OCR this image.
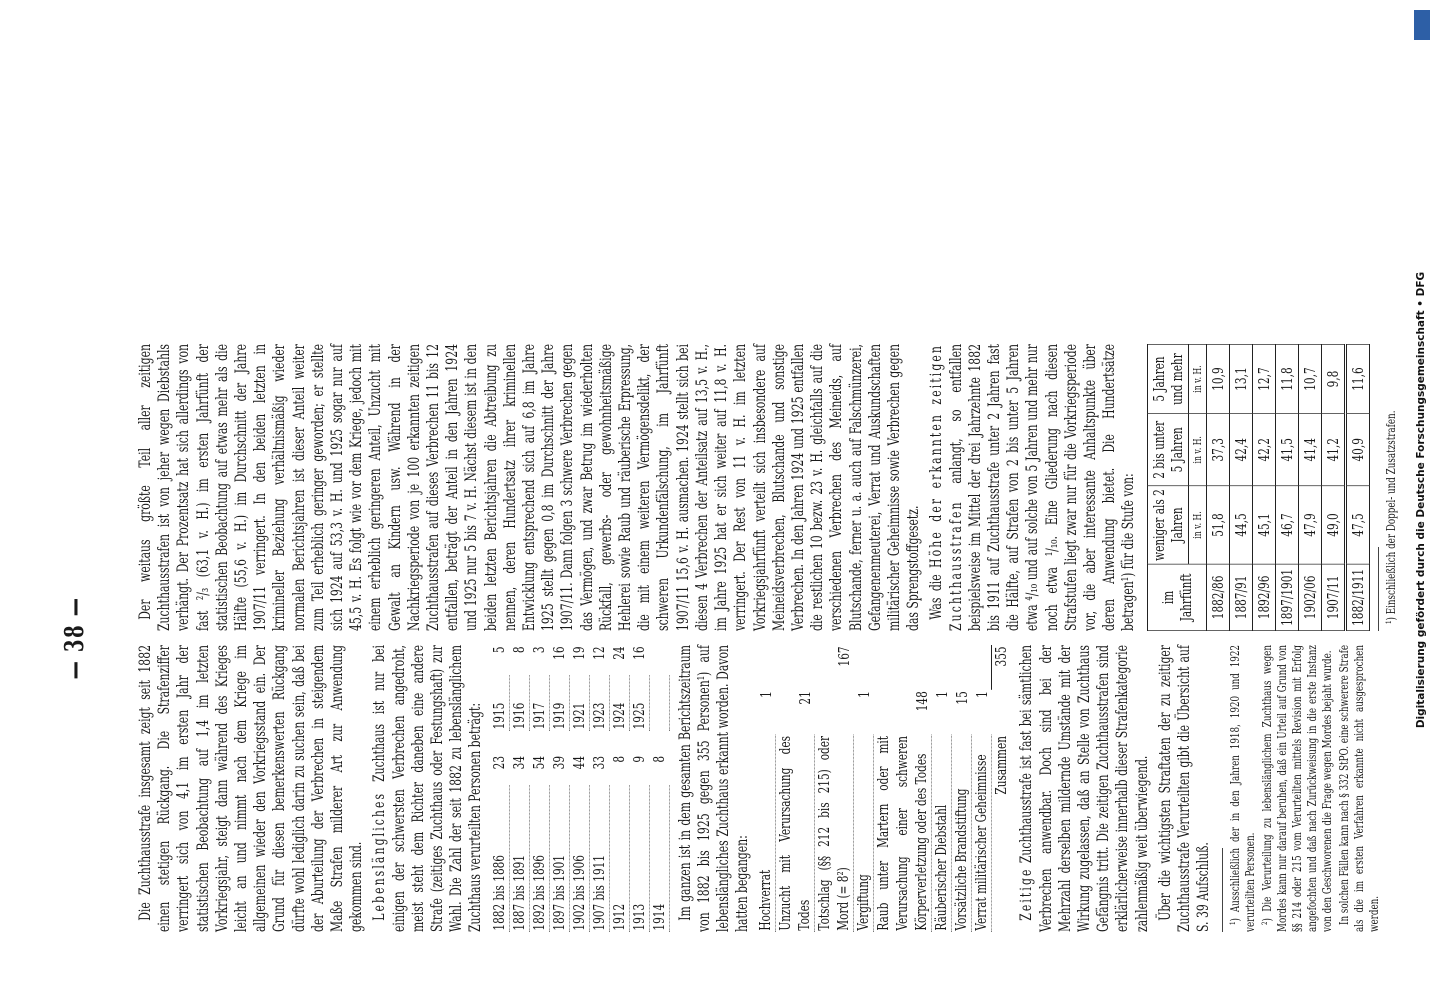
— 38 —

Die Zuchthausstrafe insgesamt zeigt seit 1882 einen stetigen Rückgang. Die Strafenziffer verringert sich von 4,1 im ersten Jahr der statistischen Beobachtung auf 1,4 im letzten Vorkriegsjahr, steigt dann während des Krieges leicht an und nimmt nach dem Kriege im allgemeinen wieder den Vorkriegsstand ein. Der Grund für diesen bemerkenswerten Rückgang dürfte wohl lediglich darin zu suchen sein, daß bei der Aburteilung der Verbrechen in steigendem Maße Strafen milderer Art zur Anwendung gekommen sind. Lebenslängliches Zuchthaus ist nur bei einigen der schwersten Verbrechen angedroht, meist steht dem Richter daneben eine andere Strafe (zeitiges Zuchthaus oder Festungshaft) zur Wahl. Die Zahl der seit 1882 zu lebenslänglichem Zuchthaus verurteilten Personen beträgt: 1882 bis 1886	23		1915	5
1887 bis 1891	34		1916	8
1892 bis 1896	54		1917	3
1897 bis 1901	39		1919	16
1902 bis 1906	44		1921	19
1907 bis 1911	33		1923	12
1912	8		1924	24
1913	9		1925	16
1914	8			Im ganzen ist in dem gesamten Berichtszeitraum von 1882 bis 1925 gegen 355 Personen¹) auf lebenslängliches Zuchthaus erkannt worden. Davon hatten begangen: Hochverrat	1	
Unzucht mit Verursachung des Todes	21	
Totschlag (§§ 212 bis 215) oder Mord (= 8²)		167
Vergiftung	1	
Raub unter Martern oder mit Verursachung einer schweren Körperverletzung oder des Todes	148	
Räuberischer Diebstahl	1	
Vorsätzliche Brandstiftung	15	
Verrat militärischer Geheimnisse	1	
Zusammen		355

Zeitige Zuchthausstrafe ist fast bei sämtlichen Verbrechen anwendbar. Doch sind bei der Mehrzahl derselben mildernde Umstände mit der Wirkung zugelassen, daß an Stelle von Zuchthaus Gefängnis tritt. Die zeitigen Zuchthausstrafen sind erklärlicherweise innerhalb dieser Strafenkategorie zahlenmäßig weit überwiegend. Über die wichtigsten Straftaten der zu zeitiger Zuchthausstrafe Verurteilten gibt die Übersicht auf S. 39 Aufschluß. ¹) Ausschließlich der in den Jahren 1918, 1920 und 1922 verurteilten Personen. ²) Die Verurteilung zu lebenslänglichem Zuchthaus wegen Mordes kann nur darauf beruhen, daß ein Urteil auf Grund von §§ 214 oder 215 vom Verurteilten mittels Revision mit Erfolg angefochten und daß nach Zurückweisung in die erste Instanz von den Geschworenen die Frage wegen Mordes bejaht wurde. In solchen Fällen kann nach § 332 StPO. eine schwerere Strafe als die im ersten Verfahren erkannte nicht ausgesprochen werden.

Der weitaus größte Teil aller zeitigen Zuchthausstrafen ist von jeher wegen Diebstahls verhängt. Der Prozentsatz hat sich allerdings von fast ²/₃ (63,1 v. H.) im ersten Jahrfünft der statistischen Beobachtung auf etwas mehr als die Hälfte (55,6 v. H.) im Durchschnitt der Jahre 1907/11 verringert. In den beiden letzten in krimineller Beziehung verhältnismäßig wieder normalen Berichtsjahren ist dieser Anteil weiter zum Teil erheblich geringer geworden; er stellte sich 1924 auf 53,3 v. H. und 1925 sogar nur auf 45,5 v. H. Es folgt wie vor dem Kriege, jedoch mit einem erheblich geringeren Anteil, Unzucht mit Gewalt an Kindern usw. Während in der Nachkriegsperiode von je 100 erkannten zeitigen Zuchthausstrafen auf dieses Verbrechen 11 bis 12 entfallen, beträgt der Anteil in den Jahren 1924 und 1925 nur 5 bis 7 v. H. Nächst diesem ist in den beiden letzten Berichtsjahren die Abtreibung zu nennen, deren Hundertsatz ihrer kriminellen Entwicklung entsprechend sich auf 6,8 im Jahre 1925 stellt gegen 0,8 im Durchschnitt der Jahre 1907/11. Dann folgen 3 schwere Verbrechen gegen das Vermögen, und zwar Betrug im wiederholten Rückfall, gewerbs- oder gewohnheitsmäßige Hehlerei sowie Raub und räuberische Erpressung, die mit einem weiteren Vermögensdelikt, der schweren Urkundenfälschung, im Jahrfünft 1907/11 15,6 v. H. ausmachen. 1924 stellt sich bei diesen 4 Verbrechen der Anteilsatz auf 13,5 v. H., im Jahre 1925 hat er sich weiter auf 11,8 v. H. verringert. Der Rest von 11 v. H. im letzten Vorkriegsjahrfünft verteilt sich insbesondere auf Meineidsverbrechen, Blutschande und sonstige Verbrechen. In den Jahren 1924 und 1925 entfallen die restlichen 10 bezw. 23 v. H. gleichfalls auf die verschiedenen Verbrechen des Meineids, auf Blutschande, ferner u. a. auch auf Falschmünzerei, Gefangenenmeuterei, Verrat und Auskundschaften militärischer Geheimnisse sowie Verbrechen gegen das Sprengstoffgesetz. Was die Höhe der erkannten zeitigen Zuchthausstrafen anlangt, so entfallen beispielsweise im Mittel der drei Jahrzehnte 1882 bis 1911 auf Zuchthausstrafe unter 2 Jahren fast die Hälfte, auf Strafen von 2 bis unter 5 Jahren etwa ⁴/₁₀ und auf solche von 5 Jahren und mehr nur noch etwa ¹/₁₀. Eine Gliederung nach diesen Strafstufen liegt zwar nur für die Vorkriegsperiode vor, die aber interessante Anhaltspunkte über deren Anwendung bietet. Die Hundertsätze betragen¹) für die Stufe von: im Jahrfünft	weniger als 2 Jahren	2 bis unter 5 Jahren	5 Jahren und mehr
	in v. H.	in v. H.	in v. H.
1882/86	51,8	37,3	10,9
1887/91	44,5	42,4	13,1
1892/96	45,1	42,2	12,7
1897/1901	46,7	41,5	11,8
1902/06	47,9	41,4	10,7
1907/11	49,0	41,2	9,8
1882/1911	47,5	40,9	11,6

¹) Einschließlich der Doppel- und Zusatzstrafen. Digitalisierung gefördert durch die Deutsche Forschungsgemeinschaft • DFG
